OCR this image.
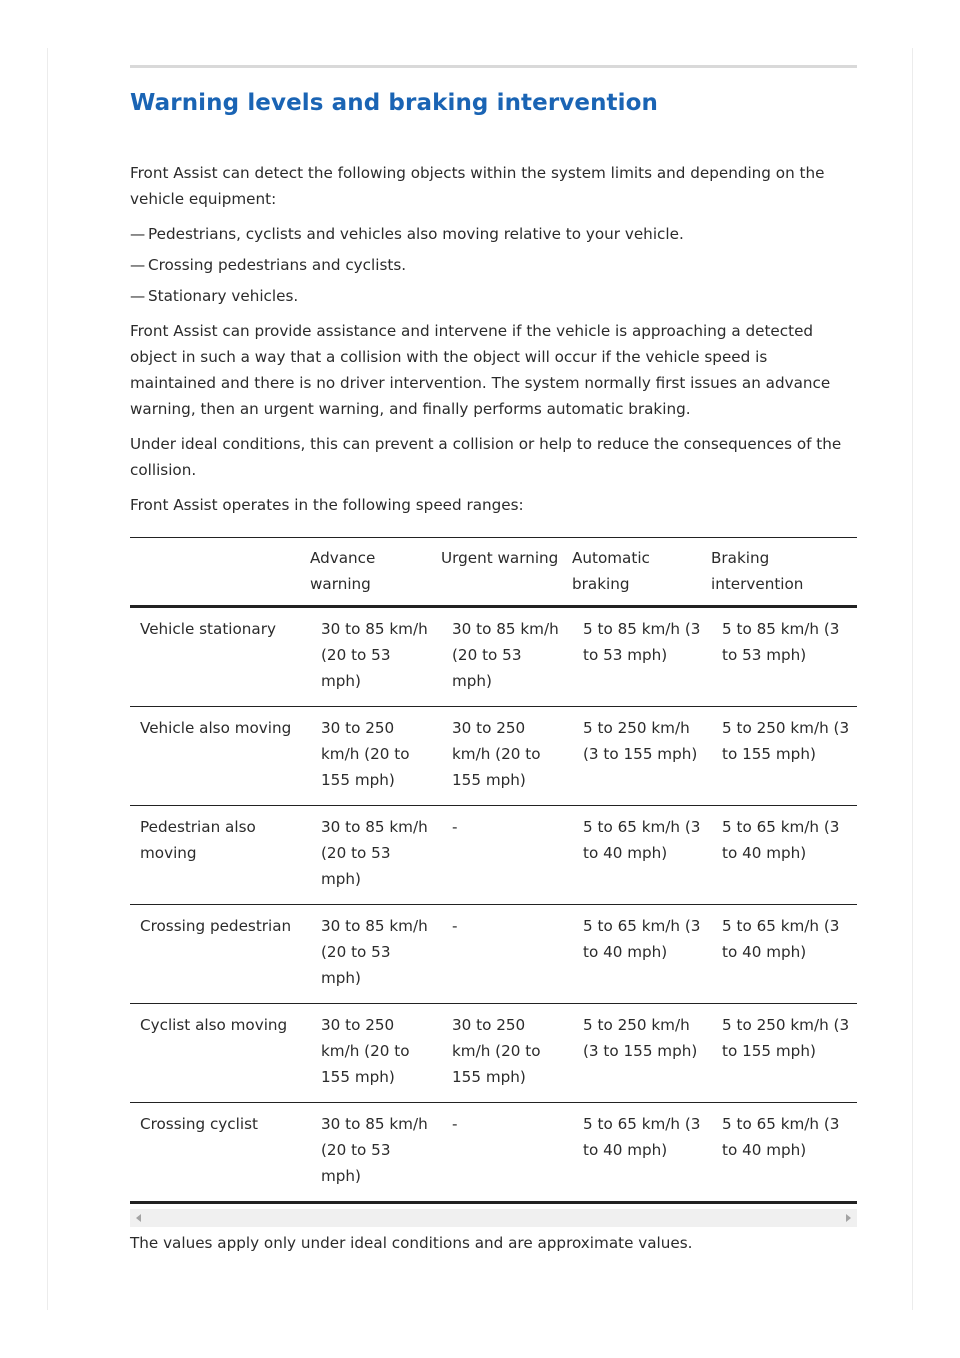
Warning levels and braking intervention

Front Assist can detect the following objects within the system limits and depending on the vehicle equipment:

— Pedestrians, cyclists and vehicles also moving relative to your vehicle.
— Crossing pedestrians and cyclists.
— Stationary vehicles.

Front Assist can provide assistance and intervene if the vehicle is approaching a detected object in such a way that a collision with the object will occur if the vehicle speed is maintained and there is no driver intervention. The system normally first issues an advance warning, then an urgent warning, and finally performs automatic braking.

Under ideal conditions, this can prevent a collision or help to reduce the consequences of the collision.

Front Assist operates in the following speed ranges:

	Advance warning	Urgent warning	Automatic braking	Braking intervention
Vehicle stationary	30 to 85 km/h (20 to 53 mph)	30 to 85 km/h (20 to 53 mph)	5 to 85 km/h (3 to 53 mph)	5 to 85 km/h (3 to 53 mph)
Vehicle also moving	30 to 250 km/h (20 to 155 mph)	30 to 250 km/h (20 to 155 mph)	5 to 250 km/h (3 to 155 mph)	5 to 250 km/h (3 to 155 mph)
Pedestrian also moving	30 to 85 km/h (20 to 53 mph)	-	5 to 65 km/h (3 to 40 mph)	5 to 65 km/h (3 to 40 mph)
Crossing pedestrian	30 to 85 km/h (20 to 53 mph)	-	5 to 65 km/h (3 to 40 mph)	5 to 65 km/h (3 to 40 mph)
Cyclist also moving	30 to 250 km/h (20 to 155 mph)	30 to 250 km/h (20 to 155 mph)	5 to 250 km/h (3 to 155 mph)	5 to 250 km/h (3 to 155 mph)
Crossing cyclist	30 to 85 km/h (20 to 53 mph)	-	5 to 65 km/h (3 to 40 mph)	5 to 65 km/h (3 to 40 mph)

The values apply only under ideal conditions and are approximate values.
